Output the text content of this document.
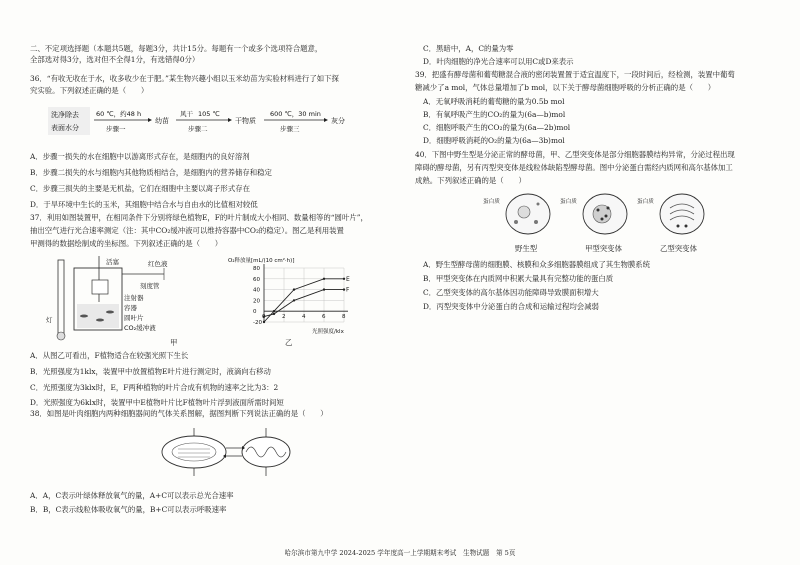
二、不定项选择题（本题共5题，每题3分，共计15分。每题有一个或多个选项符合题意，
全部选对得3分，选对但不全得1分，有选错得0分）
36．“有收无收在于水，收多收少在于肥。”某生物兴趣小组以玉米幼苗为实验材料进行了如下探
究实验。下列叙述正确的是（　　）
洗净除去
表面水分
60 ℃，约48 h
步骤一
幼苗
风干 105 ℃
步骤二
干物质
600 ℃，30 min
步骤三
灰分
A．步骤一损失的水在细胞中以游离形式存在，是细胞内的良好溶剂
B．步骤二损失的水与细胞内其他物质相结合，是细胞内的营养储存和稳定
C．步骤三损失的主要是无机盐，它们在细胞中主要以离子形式存在
D．于旱环境中生长的玉米，其细胞中结合水与自由水的比值相对较低
37．利用如图装置甲，在相同条件下分别将绿色植物E，F的叶片制成大小相同、数量相等的“圆叶片”，
抽出空气进行光合速率测定（注：其中CO₂缓冲液可以维持容器中CO₂的稳定）。图乙是利用装置
甲测得的数据绘制成的坐标图。下列叙述正确的是（　　）
活塞	红色液
刻度管
注射器
容器
圆叶片
CO₂缓冲液
灯
甲
2	4	6	8
-20
0
20
40
60
80
O₂释放量[mL/(10 cm²·h)]
光照强度/klx
E
F
乙
A．从图乙可看出，F植物适合在较强光照下生长
B．光照强度为1klx，装置甲中放置植物E叶片进行测定时，液滴向右移动
C．光照强度为3klx时，E，F两种植物的叶片合成有机物的速率之比为3：2
D．光照强度为6klx时，装置甲中E植物叶片比F植物叶片浮到液面所需时间短
38．如图是叶肉细胞内两种细胞器间的气体关系图解，据图判断下列说法正确的是（　　）
A．A，C表示叶绿体释放氧气的量，A+C可以表示总光合速率
B．B，C表示线粒体吸收氧气的量，B+C可以表示呼吸速率
C．黑暗中，A，C的量为零
D．叶肉细胞的净光合速率可以用C或D来表示
39．把盛有酵母菌和葡萄糖混合液的密闭装置置于适宜温度下，一段时间后，经检测，装置中葡萄
糖减少了a mol，气体总量增加了b mol，以下关于酵母菌细胞呼吸的分析正确的是（　　）
A．无氧呼吸消耗的葡萄糖的量为0.5b mol
B．有氧呼吸产生的CO₂的量为(6a—b)mol
C．细胞呼吸产生的CO₂的量为(6a—2b)mol
D．细胞呼吸消耗的O₂的量为(6a—3b)mol
40．下图中野生型是分泌正常的酵母菌，甲、乙型突变体是部分细胞器膜结构异常，分泌过程出现
障碍的酵母菌，另有丙型突变体是线粒体缺陷型酵母菌。图中分泌蛋白需经内质网和高尔基体加工
成熟。下列叙述正确的是（　　）
蛋白质	蛋白质	蛋白质
野生型	甲型突变体	乙型突变体
A．野生型酵母菌的细胞膜、核膜和众多细胞器膜组成了其生物膜系统
B．甲型突变体在内质网中积累大量具有完整功能的蛋白质
C．乙型突变体的高尔基体因功能障碍导致膜面积增大
D．丙型突变体中分泌蛋白的合成和运输过程均会减弱
哈尔滨市第九中学 2024-2025 学年度高一上学期期末考试　生物试题　第 5页
